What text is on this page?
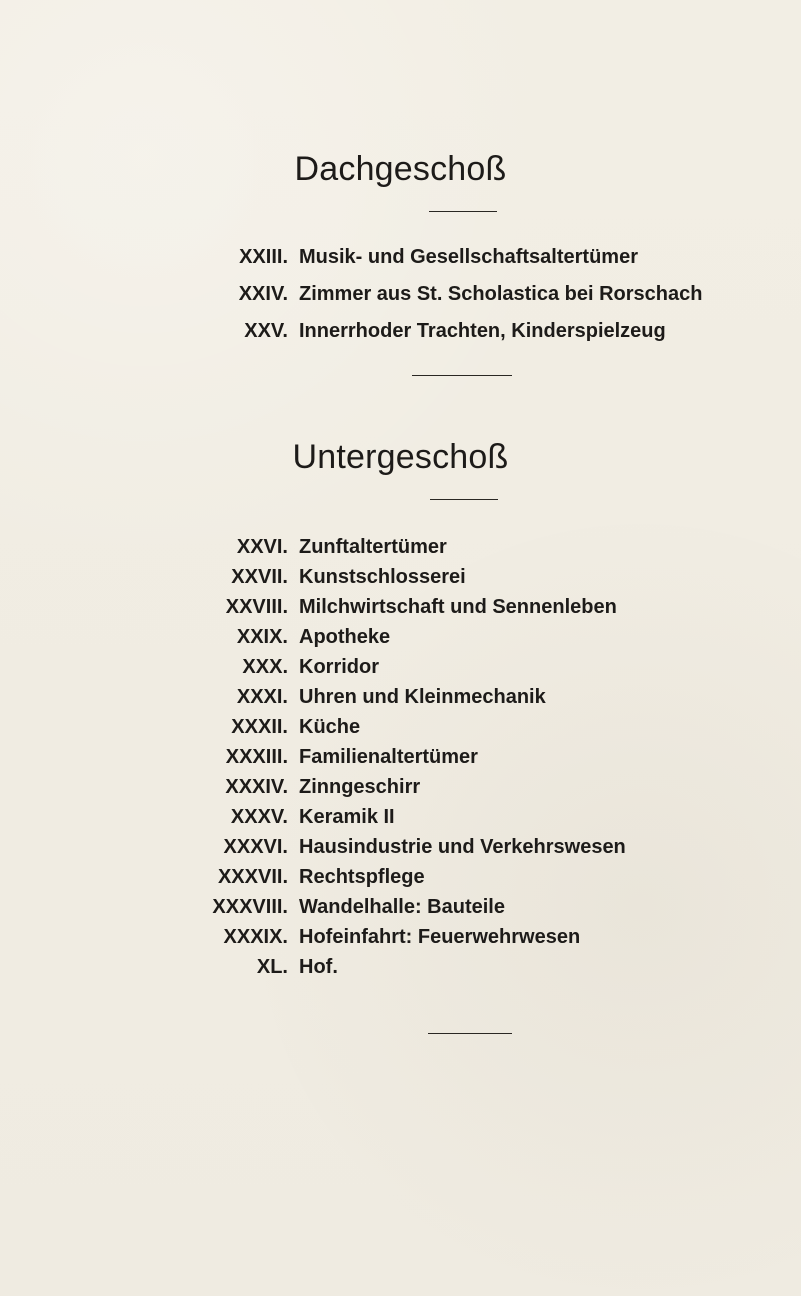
Dachgeschoß
XXIII. Musik- und Gesellschaftsaltertümer
XXIV. Zimmer aus St. Scholastica bei Rorschach
XXV. Innerrhoder Trachten, Kinderspielzeug
Untergeschoß
XXVI. Zunftaltertümer
XXVII. Kunstschlosserei
XXVIII. Milchwirtschaft und Sennenleben
XXIX. Apotheke
XXX. Korridor
XXXI. Uhren und Kleinmechanik
XXXII. Küche
XXXIII. Familienaltertümer
XXXIV. Zinngeschirr
XXXV. Keramik II
XXXVI. Hausindustrie und Verkehrswesen
XXXVII. Rechtspflege
XXXVIII. Wandelhalle: Bauteile
XXXIX. Hofeinfahrt: Feuerwehrwesen
XL. Hof.
